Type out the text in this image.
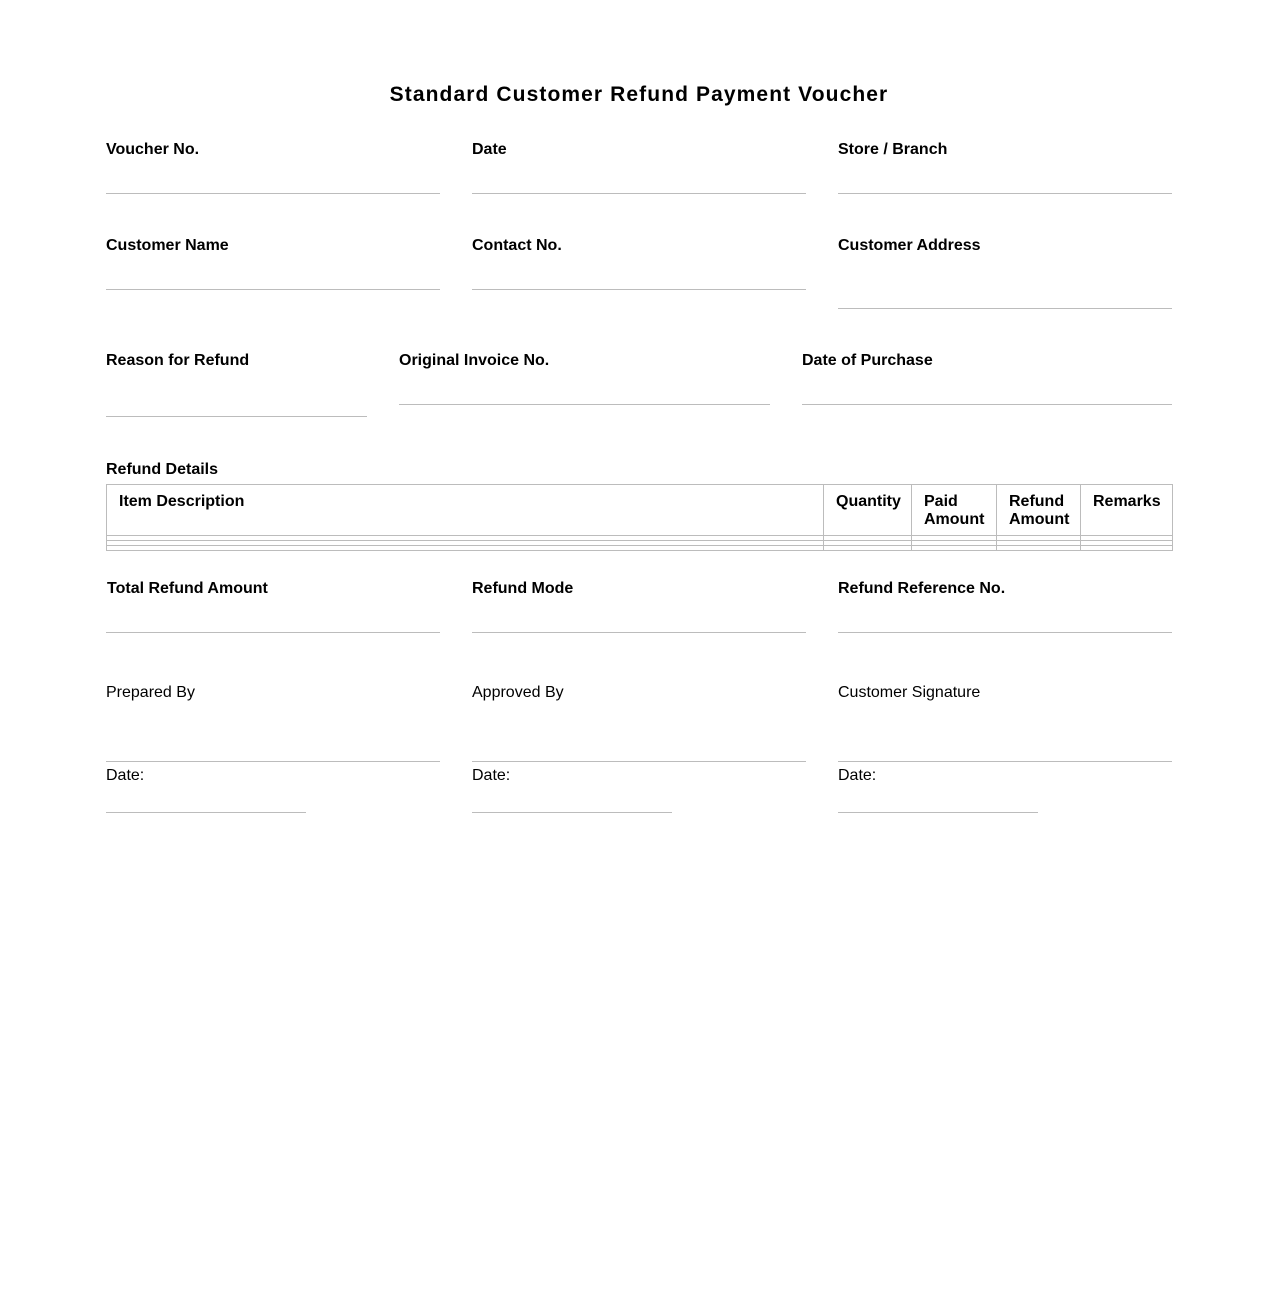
Standard Customer Refund Payment Voucher
Voucher No.	Date	Store / Branch
Customer Name	Contact No.	Customer Address
Reason for Refund	Original Invoice No.	Date of Purchase
Refund Details
Item Description	Quantity	Paid Amount	Refund Amount	Remarks

Total Refund Amount	Refund Mode	Refund Reference No.
Prepared By
Date:
Approved By
Date:
Customer Signature
Date:
